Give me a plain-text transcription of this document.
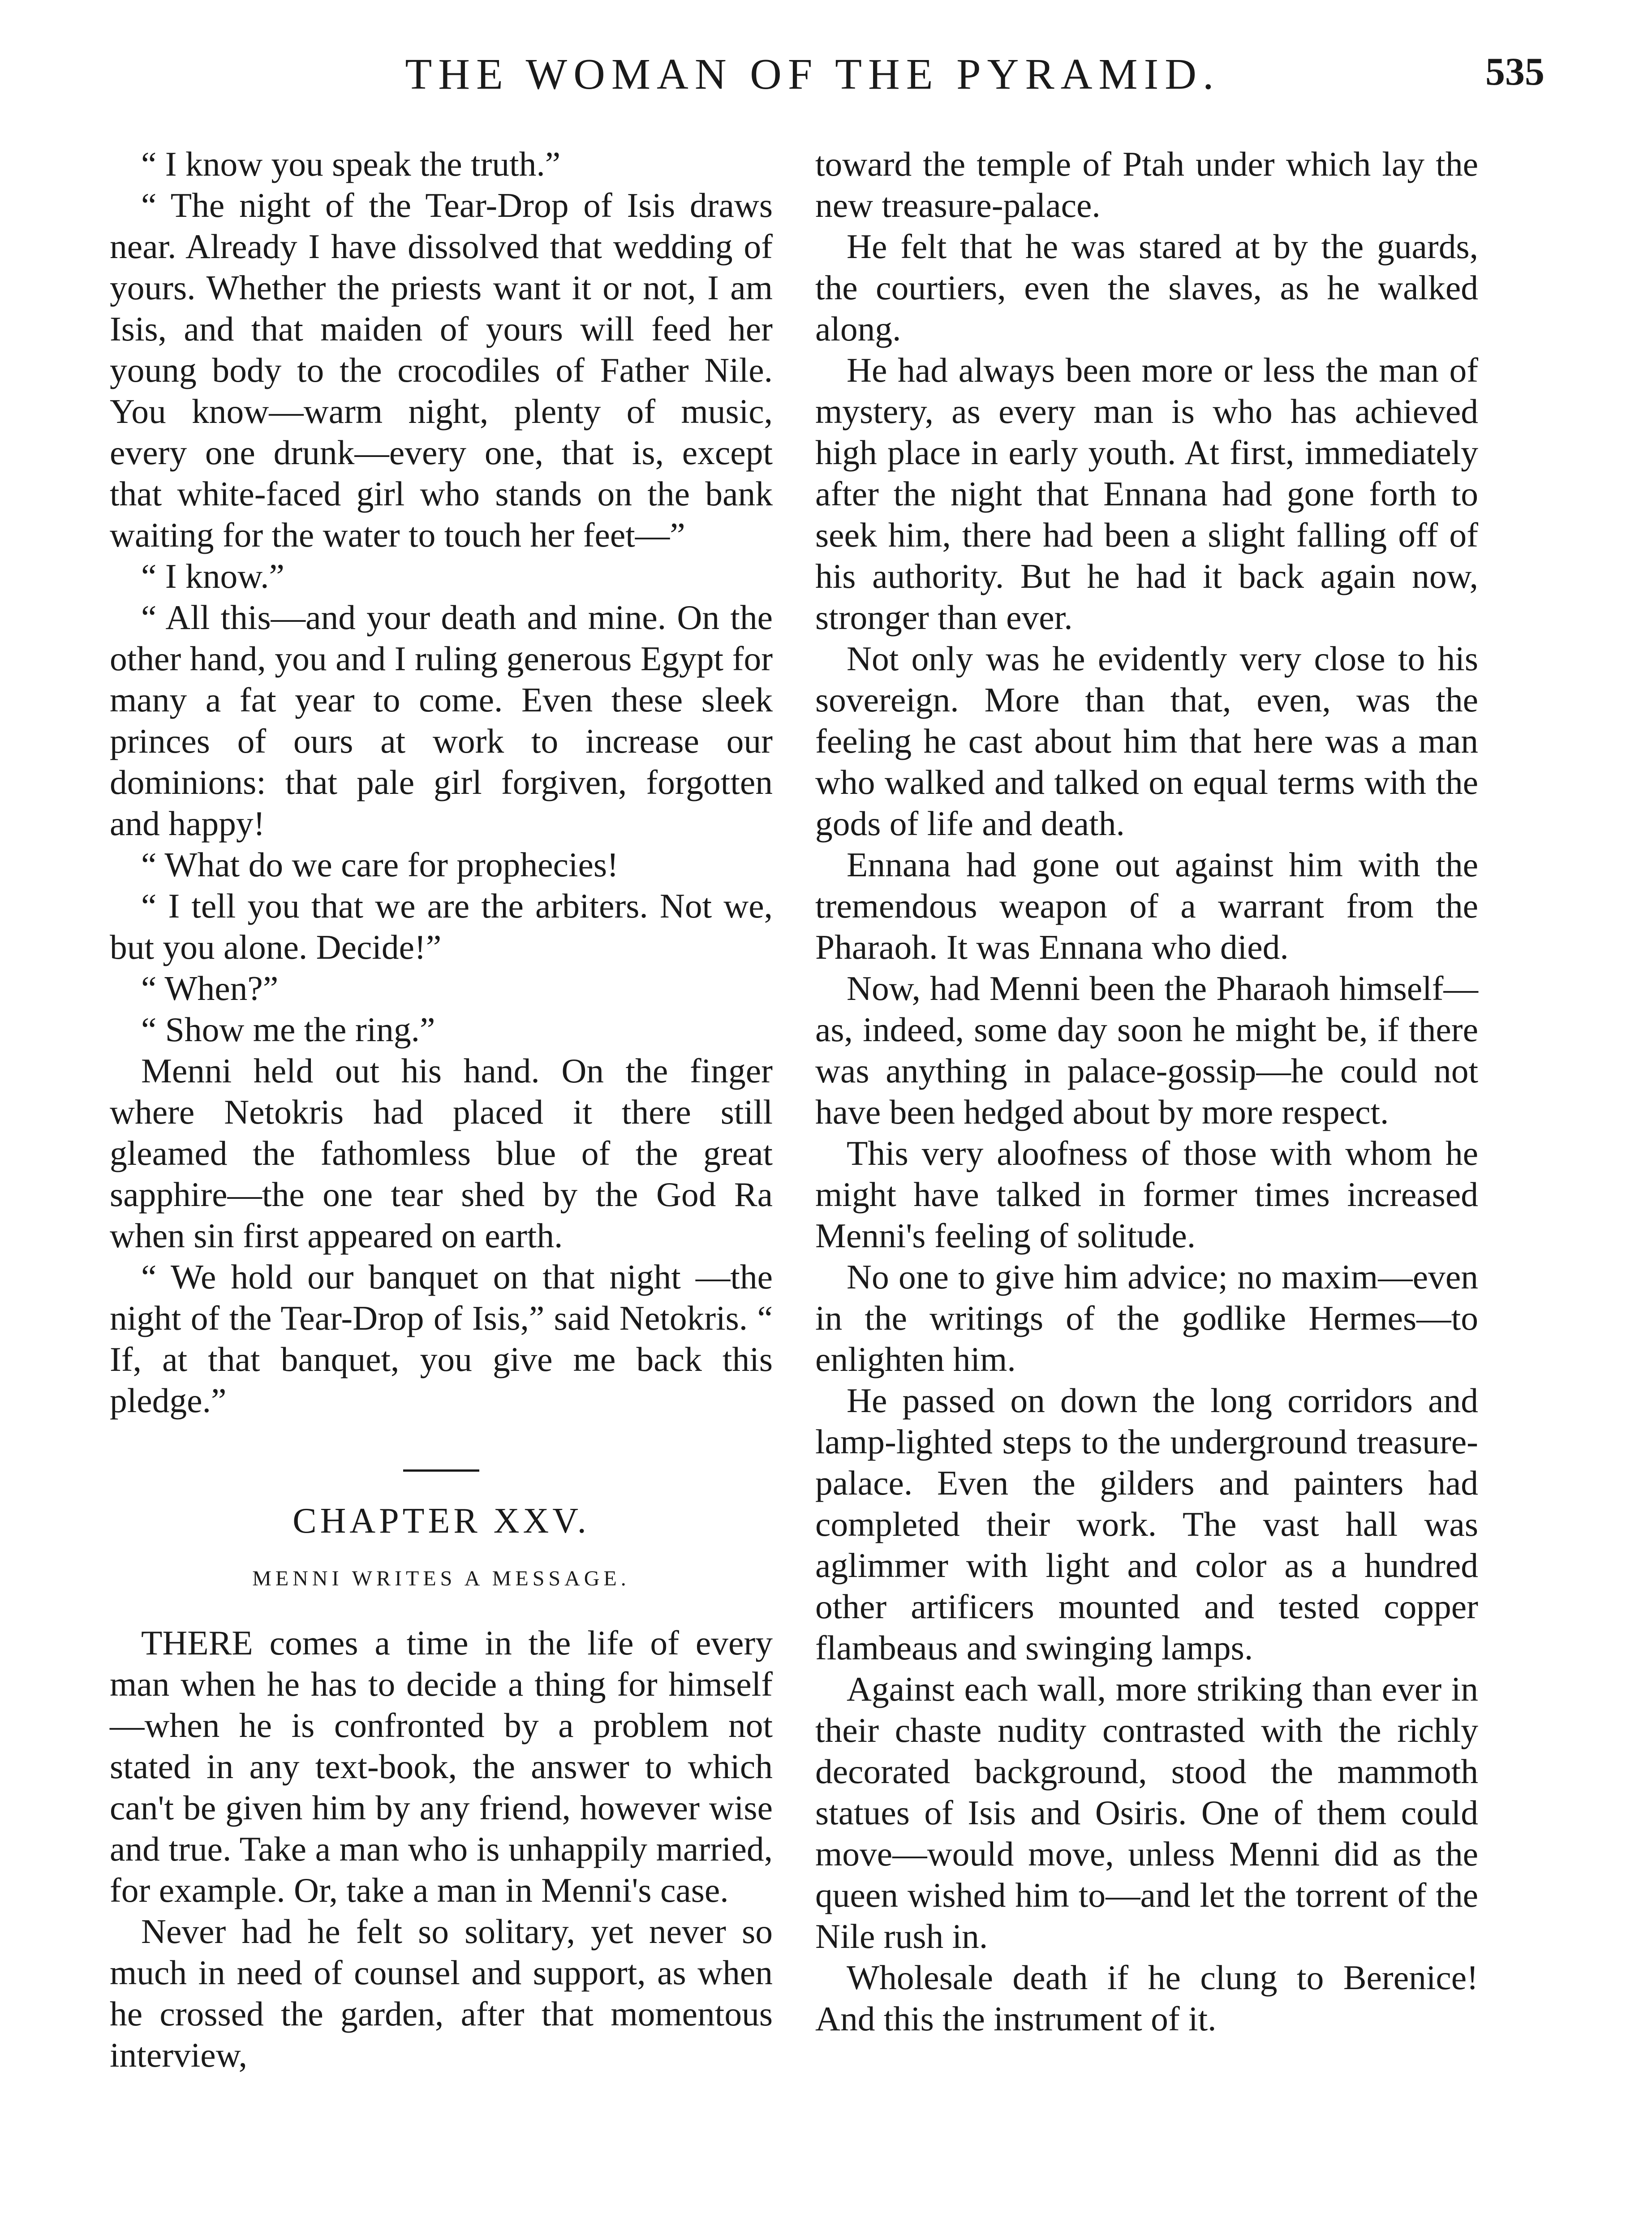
THE WOMAN OF THE PYRAMID.	535

“ I know you speak the truth.”

“ The night of the Tear-Drop of Isis draws near. Already I have dissolved that wedding of yours. Whether the priests want it or not, I am Isis, and that maiden of yours will feed her young body to the crocodiles of Father Nile. You know—warm night, plenty of music, every one drunk—every one, that is, except that white-faced girl who stands on the bank waiting for the water to touch her feet—”

“ I know.”

“ All this—and your death and mine. On the other hand, you and I ruling generous Egypt for many a fat year to come. Even these sleek princes of ours at work to increase our dominions: that pale girl forgiven, forgotten and happy!

“ What do we care for prophecies!

“ I tell you that we are the arbiters. Not we, but you alone. Decide!”

“ When?”

“ Show me the ring.”

Menni held out his hand. On the finger where Netokris had placed it there still gleamed the fathomless blue of the great sapphire—the one tear shed by the God Ra when sin first appeared on earth.

“ We hold our banquet on that night —the night of the Tear-Drop of Isis,” said Netokris. “ If, at that banquet, you give me back this pledge.”

CHAPTER XXV.
MENNI WRITES A MESSAGE.

THERE comes a time in the life of every man when he has to decide a thing for himself—when he is confronted by a problem not stated in any text-book, the answer to which can't be given him by any friend, however wise and true. Take a man who is unhappily married, for example. Or, take a man in Menni's case.

Never had he felt so solitary, yet never so much in need of counsel and support, as when he crossed the garden, after that momentous interview,

toward the temple of Ptah under which lay the new treasure-palace.

He felt that he was stared at by the guards, the courtiers, even the slaves, as he walked along.

He had always been more or less the man of mystery, as every man is who has achieved high place in early youth. At first, immediately after the night that Ennana had gone forth to seek him, there had been a slight falling off of his authority. But he had it back again now, stronger than ever.

Not only was he evidently very close to his sovereign. More than that, even, was the feeling he cast about him that here was a man who walked and talked on equal terms with the gods of life and death.

Ennana had gone out against him with the tremendous weapon of a warrant from the Pharaoh. It was Ennana who died.

Now, had Menni been the Pharaoh himself—as, indeed, some day soon he might be, if there was anything in palace-gossip—he could not have been hedged about by more respect.

This very aloofness of those with whom he might have talked in former times increased Menni's feeling of solitude.

No one to give him advice; no maxim—even in the writings of the godlike Hermes—to enlighten him.

He passed on down the long corridors and lamp-lighted steps to the underground treasure-palace. Even the gilders and painters had completed their work. The vast hall was aglimmer with light and color as a hundred other artificers mounted and tested copper flambeaus and swinging lamps.

Against each wall, more striking than ever in their chaste nudity contrasted with the richly decorated background, stood the mammoth statues of Isis and Osiris. One of them could move—would move, unless Menni did as the queen wished him to—and let the torrent of the Nile rush in.

Wholesale death if he clung to Berenice! And this the instrument of it.
